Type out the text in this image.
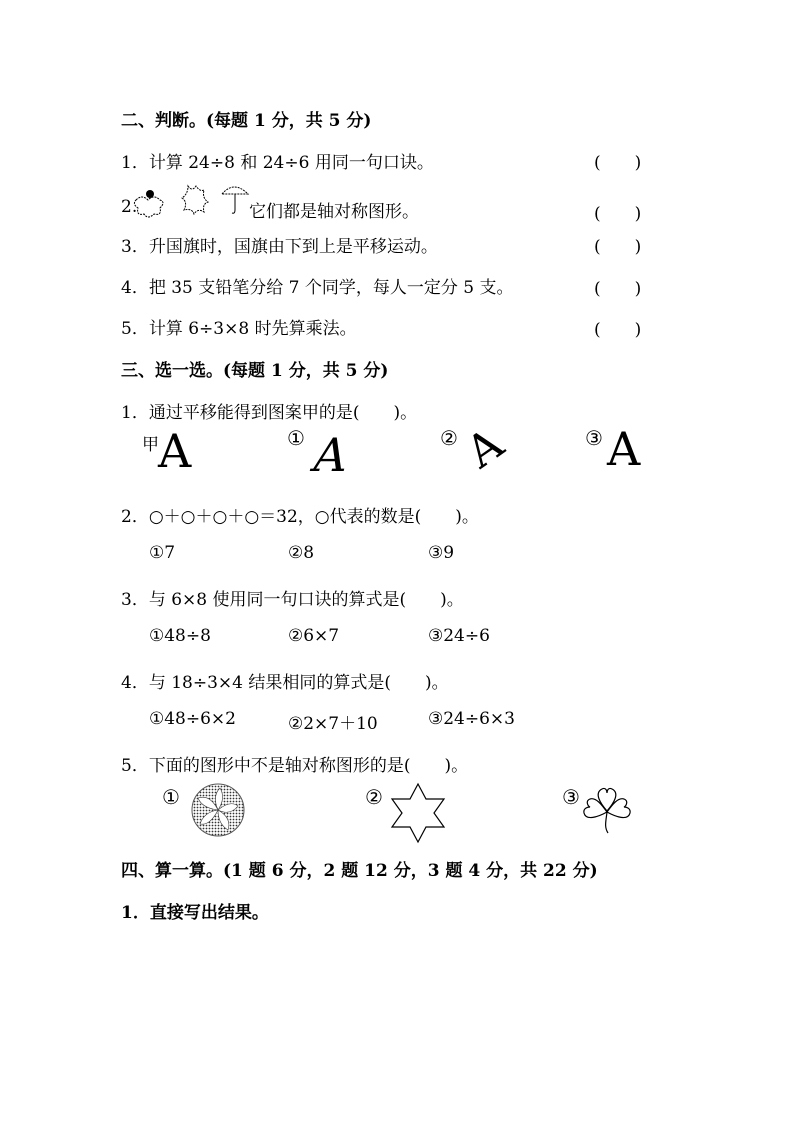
二、判断。(每题 1 分，共 5 分)
1．计算 24÷8 和 24÷6 用同一句口诀。	(　　)
2.	它们都是轴对称图形。	(　　)
3．升国旗时，国旗由下到上是平移运动。	(　　)
4．把 35 支铅笔分给 7 个同学，每人一定分 5 支。	(　　)
5．计算 6÷3×8 时先算乘法。	(　　)
三、选一选。(每题 1 分，共 5 分)
1．通过平移能得到图案甲的是(　　)。
甲 A	① A	② A	③ A
2．○＋○＋○＋○＝32，○代表的数是(　　)。
①7	②8	③9
3．与 6×8 使用同一句口诀的算式是(　　)。
①48÷8	②6×7	③24÷6
4．与 18÷3×4 结果相同的算式是(　　)。
①48÷6×2	②2×7＋10	③24÷6×3
5．下面的图形中不是轴对称图形的是(　　)。
①	②	③
四、算一算。(1 题 6 分，2 题 12 分，3 题 4 分，共 22 分)
1．直接写出结果。
